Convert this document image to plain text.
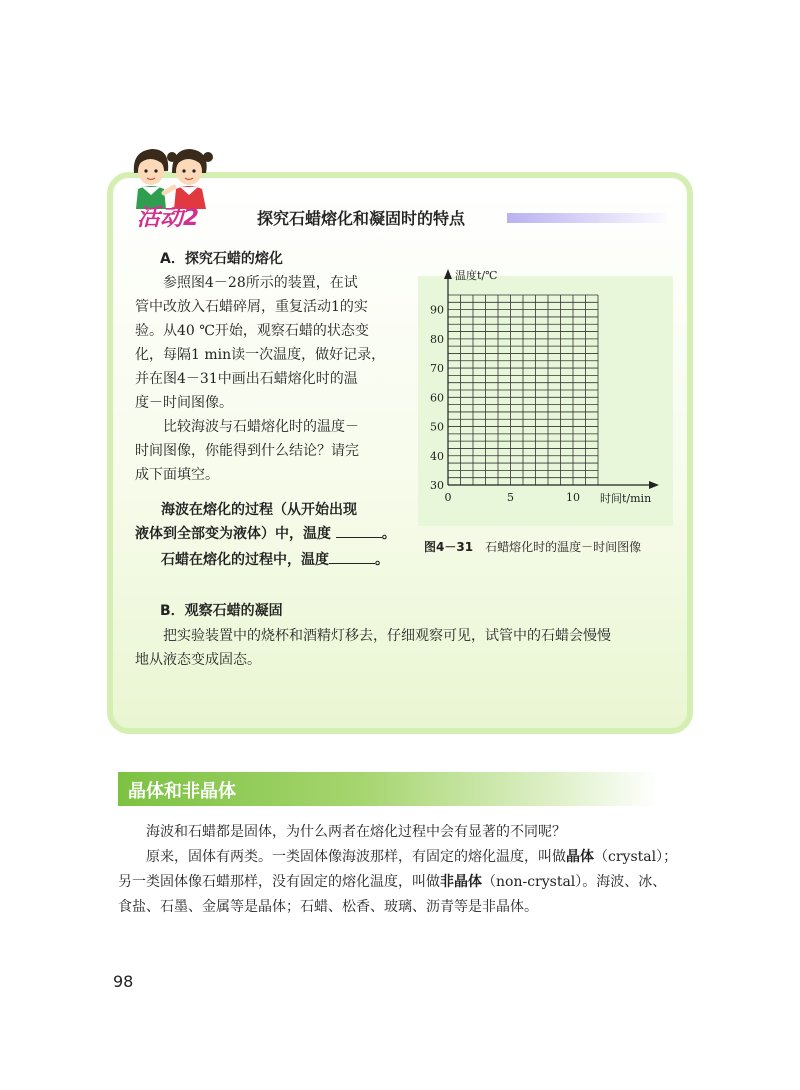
活动2	探究石蜡熔化和凝固时的特点
A．探究石蜡的熔化
参照图4－28所示的装置，在试
管中改放入石蜡碎屑，重复活动1的实
验。从40 ℃开始，观察石蜡的状态变
化，每隔1 min读一次温度，做好记录，
并在图4－31中画出石蜡熔化时的温
度－时间图像。
比较海波与石蜡熔化时的温度－
时间图像，你能得到什么结论？请完
成下面填空。
海波在熔化的过程（从开始出现
液体到全部变为液体）中，温度	。
石蜡在熔化的过程中，温度	。
30
40
50
60
70
80
90
0	5	10
温度t/℃
时间t/min
图4－31 石蜡熔化时的温度－时间图像
B．观察石蜡的凝固
把实验装置中的烧杯和酒精灯移去，仔细观察可见，试管中的石蜡会慢慢
地从液态变成固态。
晶体和非晶体

海波和石蜡都是固体，为什么两者在熔化过程中会有显著的不同呢？

原来，固体有两类。一类固体像海波那样，有固定的熔化温度，叫做晶体（crystal）；另一类固体像石蜡那样，没有固定的熔化温度，叫做非晶体（non-crystal）。海波、冰、食盐、石墨、金属等是晶体；石蜡、松香、玻璃、沥青等是非晶体。

98
